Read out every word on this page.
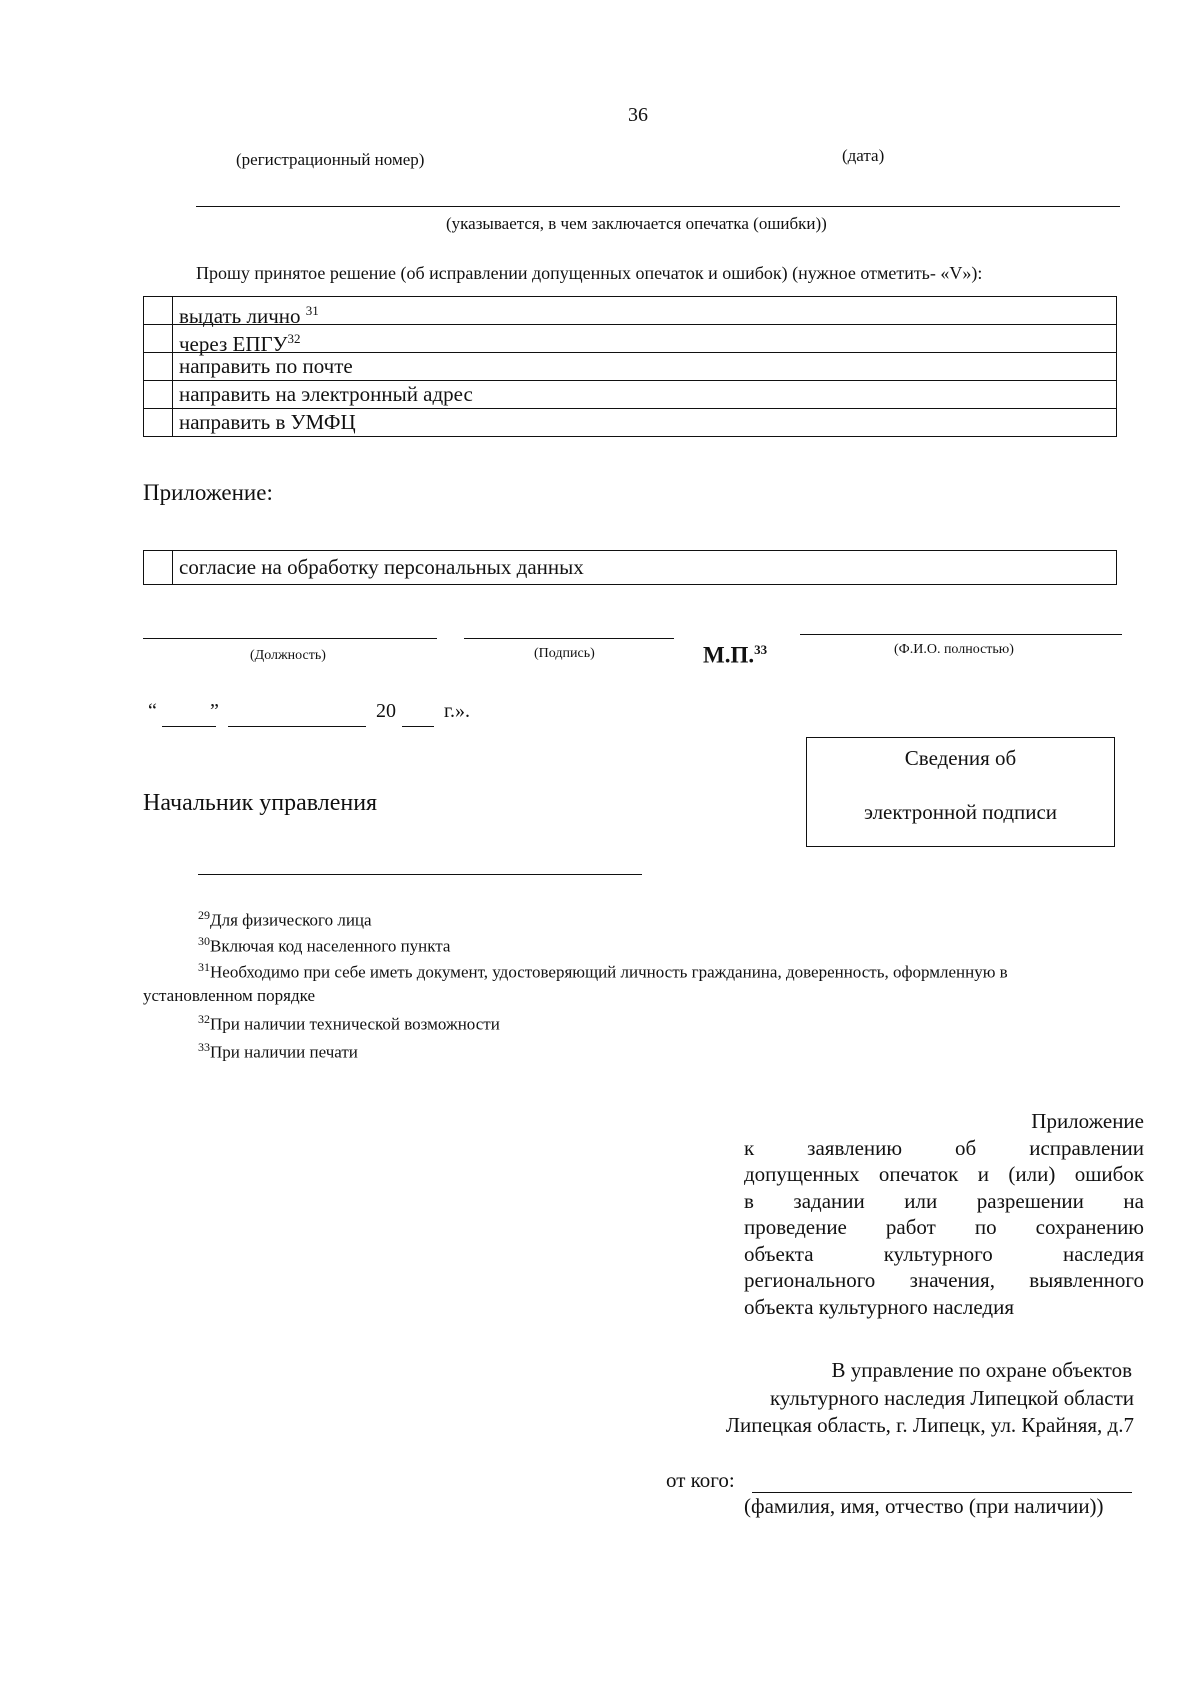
36
(регистрационный номер)	(дата)
(указывается, в чем заключается опечатка (ошибки))
Прошу принятое решение (об исправлении допущенных опечаток и ошибок) (нужное отметить- «V»):
выдать лично $^{31}$
через ЕПГУ$^{32}$
направить по почте
направить на электронный адрес
направить в УМФЦ
Приложение:
согласие на обработку персональных данных
(Должность)	(Подпись)	М.П.$^{33}$	(Ф.И.О. полностью)
“	”	20 г.».
Сведения об
электронной подписи
Начальник управления
$^{29}$Для физического лица
$^{30}$Включая код населенного пункта
$^{31}$Необходимо при себе иметь документ, удостоверяющий личность гражданина, доверенность, оформленную в
установленном порядке
$^{32}$При наличии технической возможности
$^{33}$При наличии печати
Приложение
к заявлению об исправлении
допущенных опечаток и (или) ошибок
в задании или разрешении на
проведение работ по сохранению
объекта культурного наследия
регионального значения, выявленного
объекта культурного наследия
В управление по охране объектов
культурного наследия Липецкой области
Липецкая область, г. Липецк, ул. Крайняя, д.7
от кого:
(фамилия, имя, отчество (при наличии))
